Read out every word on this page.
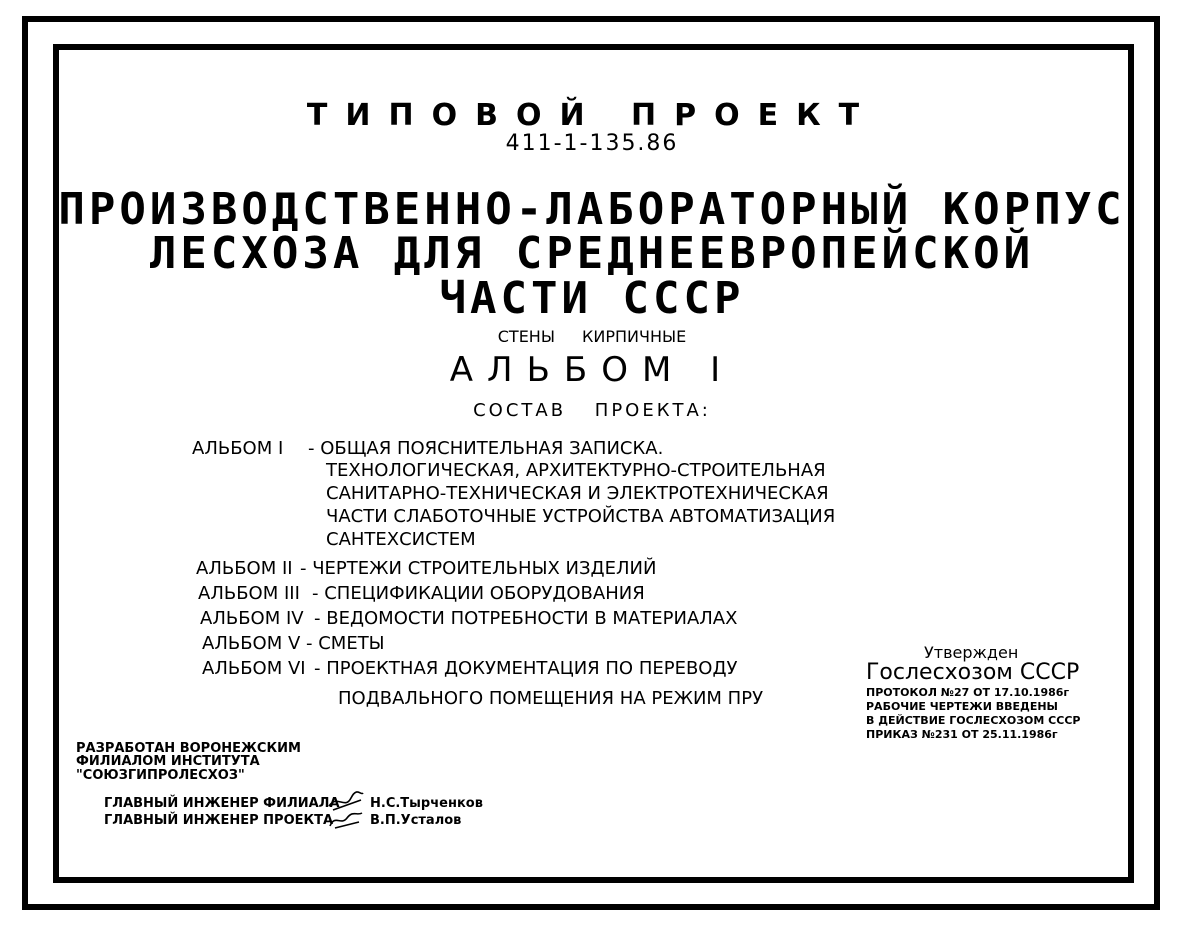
ТИПОВОЙ ПРОЕКТ
411-1-135.86
ПРОИЗВОДСТВЕННО-ЛАБОРАТОРНЫЙ КОРПУС
ЛЕСХОЗА ДЛЯ СРЕДНЕЕВРОПЕЙСКОЙ
ЧАСТИ СССР
СТЕНЫ КИРПИЧНЫЕ
АЛЬБОМ I
СОСТАВ ПРОЕКТА:
АЛЬБОМ I - ОБЩАЯ ПОЯСНИТЕЛЬНАЯ ЗАПИСКА.
ТЕХНОЛОГИЧЕСКАЯ, АРХИТЕКТУРНО-СТРОИТЕЛЬНАЯ
САНИТАРНО-ТЕХНИЧЕСКАЯ И ЭЛЕКТРОТЕХНИЧЕСКАЯ
ЧАСТИ СЛАБОТОЧНЫЕ УСТРОЙСТВА АВТОМАТИЗАЦИЯ
САНТЕХСИСТЕМ
АЛЬБОМ II - ЧЕРТЕЖИ СТРОИТЕЛЬНЫХ ИЗДЕЛИЙ
АЛЬБОМ III - СПЕЦИФИКАЦИИ ОБОРУДОВАНИЯ
АЛЬБОМ IV - ВЕДОМОСТИ ПОТРЕБНОСТИ В МАТЕРИАЛАХ
АЛЬБОМ V - СМЕТЫ
АЛЬБОМ VI - ПРОЕКТНАЯ ДОКУМЕНТАЦИЯ ПО ПЕРЕВОДУ
ПОДВАЛЬНОГО ПОМЕЩЕНИЯ НА РЕЖИМ ПРУ
Утвержден
Гослесхозом СССР
ПРОТОКОЛ №27 ОТ 17.10.1986г
РАБОЧИЕ ЧЕРТЕЖИ ВВЕДЕНЫ
В ДЕЙСТВИЕ ГОСЛЕСХОЗОМ СССР
ПРИКАЗ №231 ОТ 25.11.1986г
РАЗРАБОТАН ВОРОНЕЖСКИМ
ФИЛИАЛОМ ИНСТИТУТА
"СОЮЗГИПРОЛЕСХОЗ"
ГЛАВНЫЙ ИНЖЕНЕР ФИЛИАЛА Н.С.Тырченков
ГЛАВНЫЙ ИНЖЕНЕР ПРОЕКТА	В.П.Усталов
